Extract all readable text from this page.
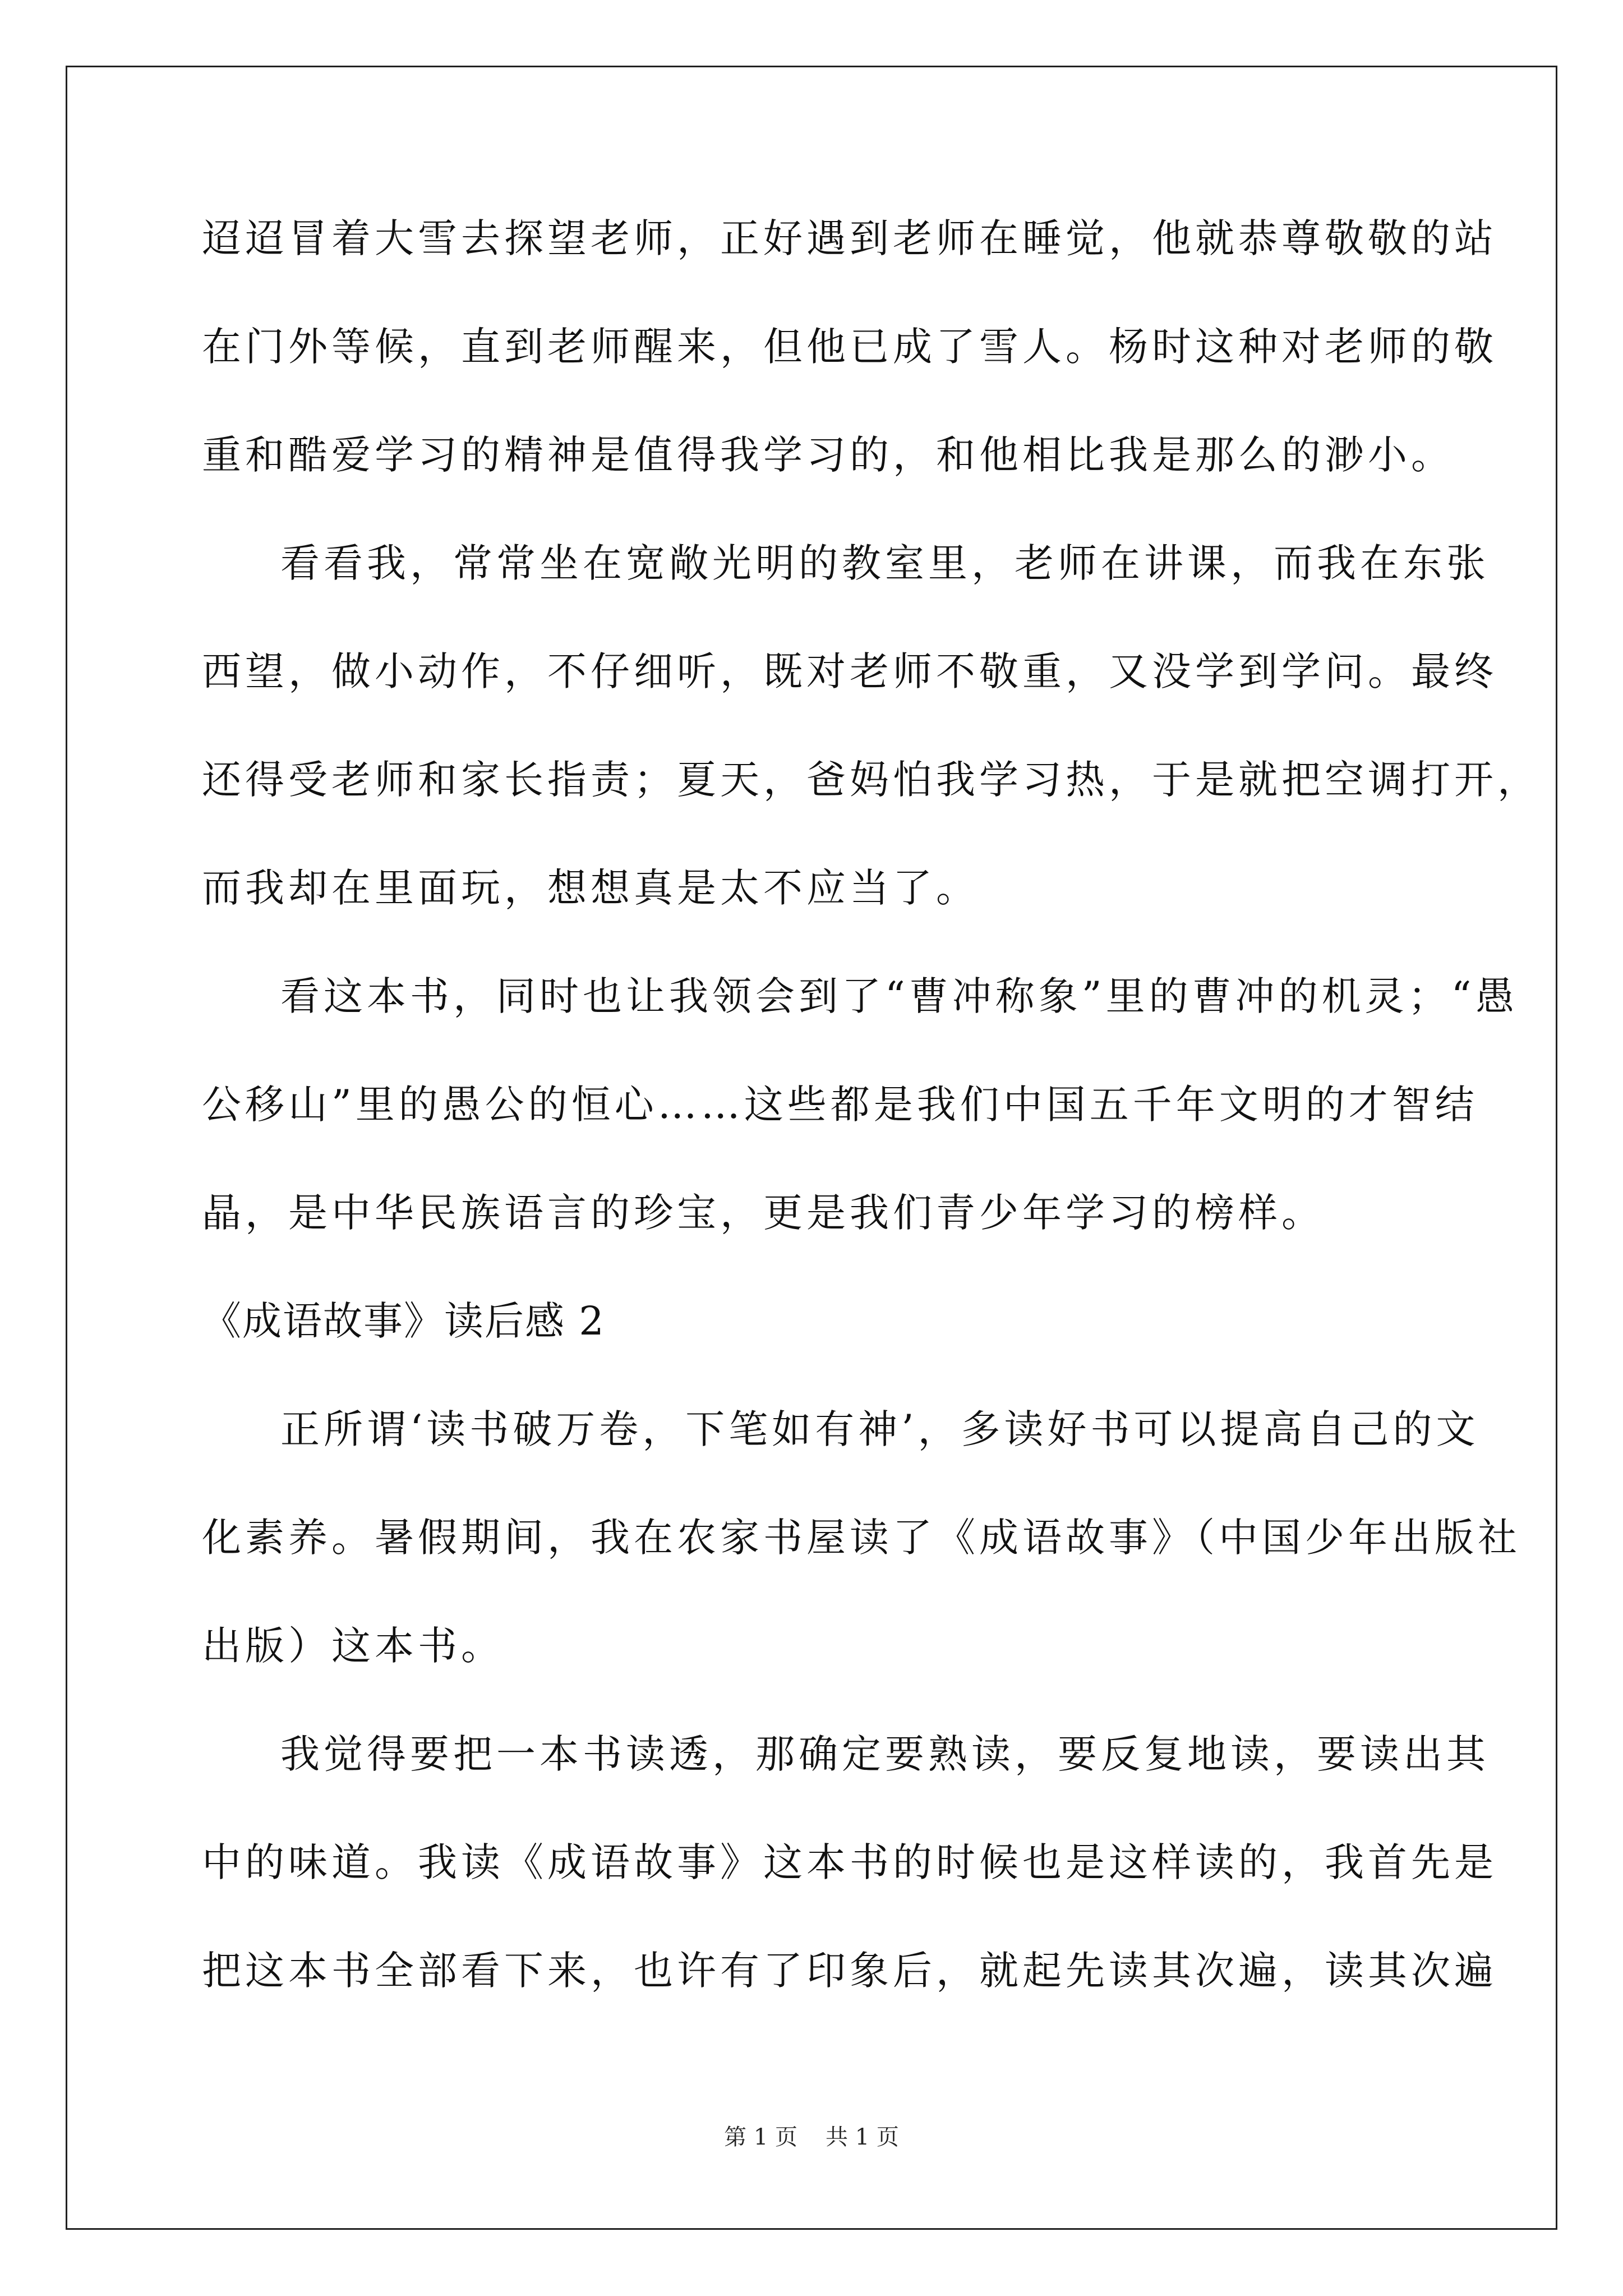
迢迢冒着大雪去探望老师，正好遇到老师在睡觉，他就恭尊敬敬的站
在门外等候，直到老师醒来，但他已成了雪人。杨时这种对老师的敬
重和酷爱学习的精神是值得我学习的，和他相比我是那么的渺小。
看看我，常常坐在宽敞光明的教室里，老师在讲课，而我在东张
西望，做小动作，不仔细听，既对老师不敬重，又没学到学问。最终
还得受老师和家长指责；夏天，爸妈怕我学习热，于是就把空调打开，
而我却在里面玩，想想真是太不应当了。
看这本书，同时也让我领会到了“曹冲称象”里的曹冲的机灵；“愚
公移山”里的愚公的恒心……这些都是我们中国五千年文明的才智结
晶，是中华民族语言的珍宝，更是我们青少年学习的榜样。
《成语故事》读后感 2
正所谓‘读书破万卷，下笔如有神’，多读好书可以提高自己的文
化素养。暑假期间，我在农家书屋读了《成语故事》（中国少年出版社
出版）这本书。
我觉得要把一本书读透，那确定要熟读，要反复地读，要读出其
中的味道。我读《成语故事》这本书的时候也是这样读的，我首先是
把这本书全部看下来，也许有了印象后，就起先读其次遍，读其次遍
第 1 页 共 1 页
